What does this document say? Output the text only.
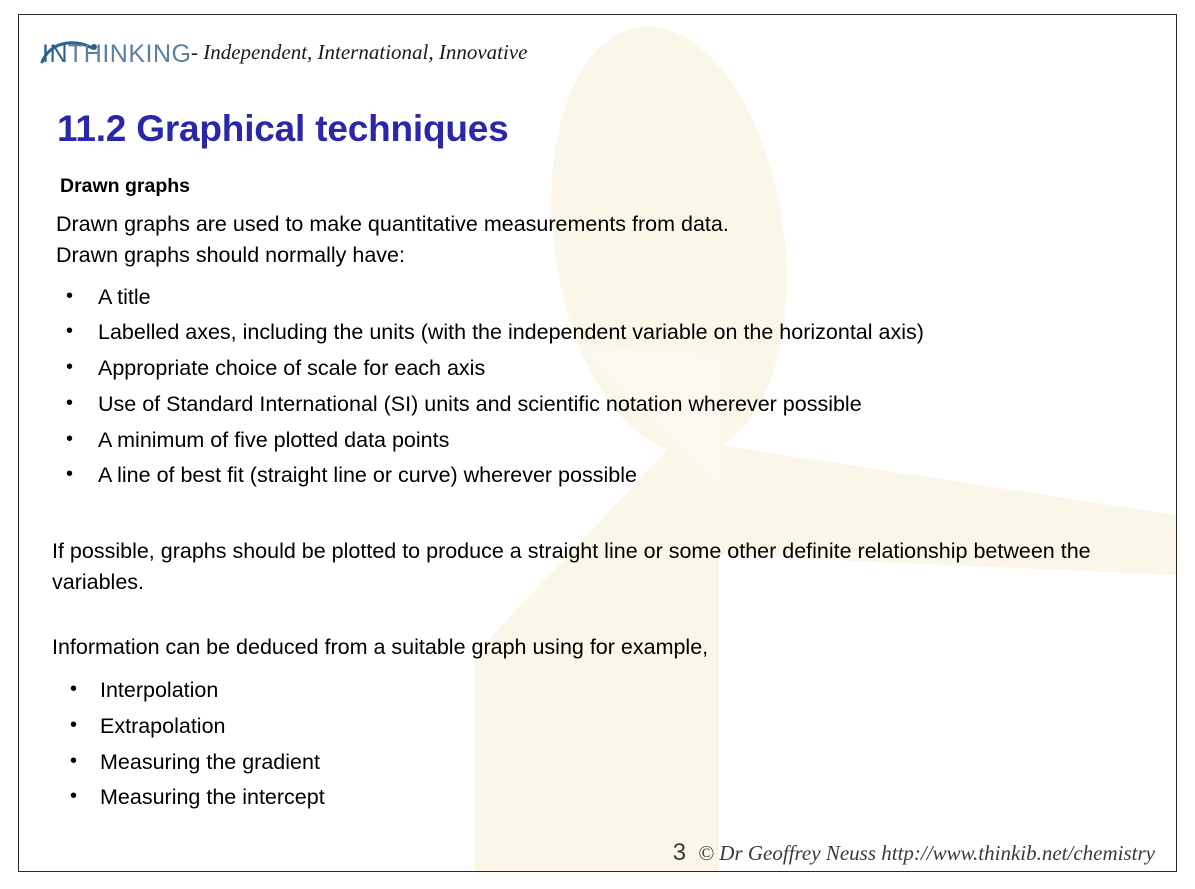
INTHINKING - Independent, International, Innovative
11.2 Graphical techniques
Drawn graphs

Drawn graphs are used to make quantitative measurements from data.

Drawn graphs should normally have:

• A title
• Labelled axes, including the units (with the independent variable on the horizontal axis)
• Appropriate choice of scale for each axis
• Use of Standard International (SI) units and scientific notation wherever possible
• A minimum of five plotted data points
• A line of best fit (straight line or curve) wherever possible

If possible, graphs should be plotted to produce a straight line or some other definite relationship between the variables.

Information can be deduced from a suitable graph using for example,

• Interpolation
• Extrapolation
• Measuring the gradient
• Measuring the intercept
3 © Dr Geoffrey Neuss http://www.thinkib.net/chemistry
